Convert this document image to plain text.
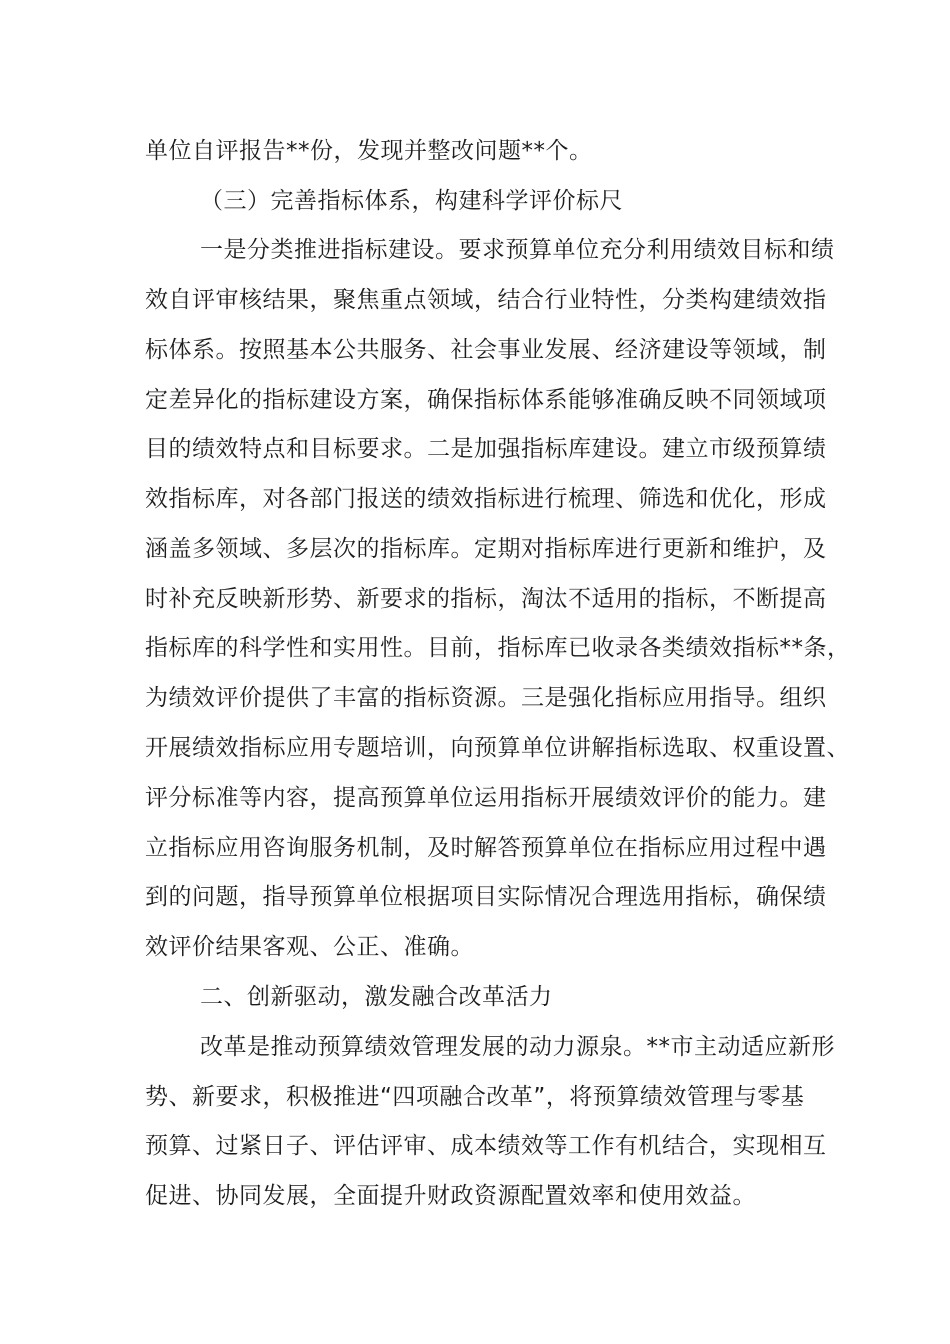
单位自评报告**份，发现并整改问题**个。
（三）完善指标体系，构建科学评价标尺
一是分类推进指标建设。要求预算单位充分利用绩效目标和绩
效自评审核结果，聚焦重点领域，结合行业特性，分类构建绩效指
标体系。按照基本公共服务、社会事业发展、经济建设等领域，制
定差异化的指标建设方案，确保指标体系能够准确反映不同领域项
目的绩效特点和目标要求。二是加强指标库建设。建立市级预算绩
效指标库，对各部门报送的绩效指标进行梳理、筛选和优化，形成
涵盖多领域、多层次的指标库。定期对指标库进行更新和维护，及
时补充反映新形势、新要求的指标，淘汰不适用的指标，不断提高
指标库的科学性和实用性。目前，指标库已收录各类绩效指标**条，
为绩效评价提供了丰富的指标资源。三是强化指标应用指导。组织
开展绩效指标应用专题培训，向预算单位讲解指标选取、权重设置、
评分标准等内容，提高预算单位运用指标开展绩效评价的能力。建
立指标应用咨询服务机制，及时解答预算单位在指标应用过程中遇
到的问题，指导预算单位根据项目实际情况合理选用指标，确保绩
效评价结果客观、公正、准确。
二、创新驱动，激发融合改革活力
改革是推动预算绩效管理发展的动力源泉。**市主动适应新形
势、新要求，积极推进“四项融合改革”，将预算绩效管理与零基
预算、过紧日子、评估评审、成本绩效等工作有机结合，实现相互
促进、协同发展，全面提升财政资源配置效率和使用效益。
